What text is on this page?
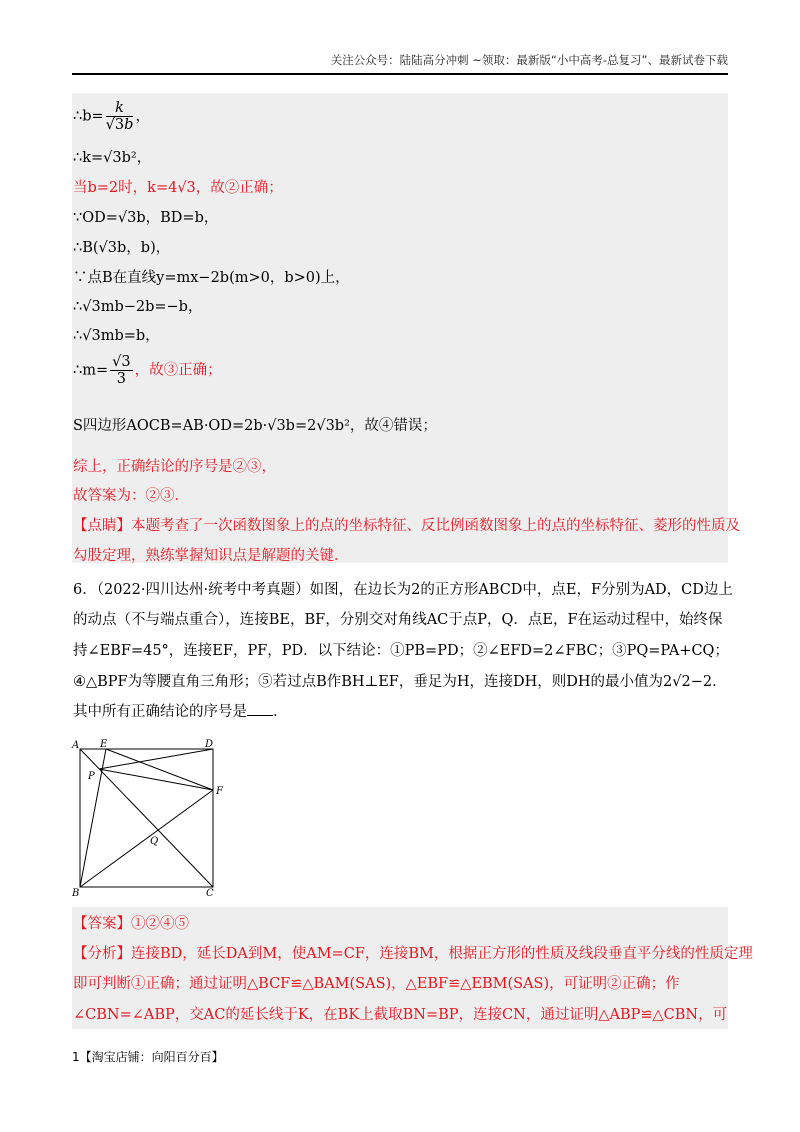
关注公众号：陆陆高分冲刺 ~领取：最新版“小中高考-总复习”、最新试卷下载
∴b= $\frac{k}{√3b}$ ，
∴k=√3b²，
当b=2时，k=4√3，故②正确；
∵OD=√3b，BD=b，
∴B(√3b，b)，
∵点B在直线y=mx−2b(m>0，b>0)上，
∴√3mb−2b=−b，
∴√3mb=b，
∴m= $\frac{√3}{3}$ ，故③正确；
S四边形AOCB=AB·OD=2b·√3b=2√3b²，故④错误；
综上，正确结论的序号是②③，
故答案为：②③．
【点睛】本题考查了一次函数图象上的点的坐标特征、反比例函数图象上的点的坐标特征、菱形的性质及
勾股定理，熟练掌握知识点是解题的关键．
6．（2022·四川达州·统考中考真题）如图，在边长为2的正方形ABCD中，点E，F分别为AD，CD边上
的动点（不与端点重合），连接BE，BF，分别交对角线AC于点P，Q．点E，F在运动过程中，始终保
持∠EBF=45°，连接EF，PF，PD．以下结论：①PB=PD；②∠EFD=2∠FBC；③PQ=PA+CQ；
④△BPF为等腰直角三角形；⑤若过点B作BH⊥EF，垂足为H，连接DH，则DH的最小值为2√2−2．
其中所有正确结论的序号是 ．
A E	D
P
F
Q
B	C
【答案】①②④⑤
【分析】连接BD，延长DA到M，使AM=CF，连接BM，根据正方形的性质及线段垂直平分线的性质定理
即可判断①正确；通过证明△BCF≌△BAM(SAS)，△EBF≌△EBM(SAS)，可证明②正确；作
∠CBN=∠ABP，交AC的延长线于K，在BK上截取BN=BP，连接CN，通过证明△ABP≌△CBN，可
1【淘宝店铺：向阳百分百】
